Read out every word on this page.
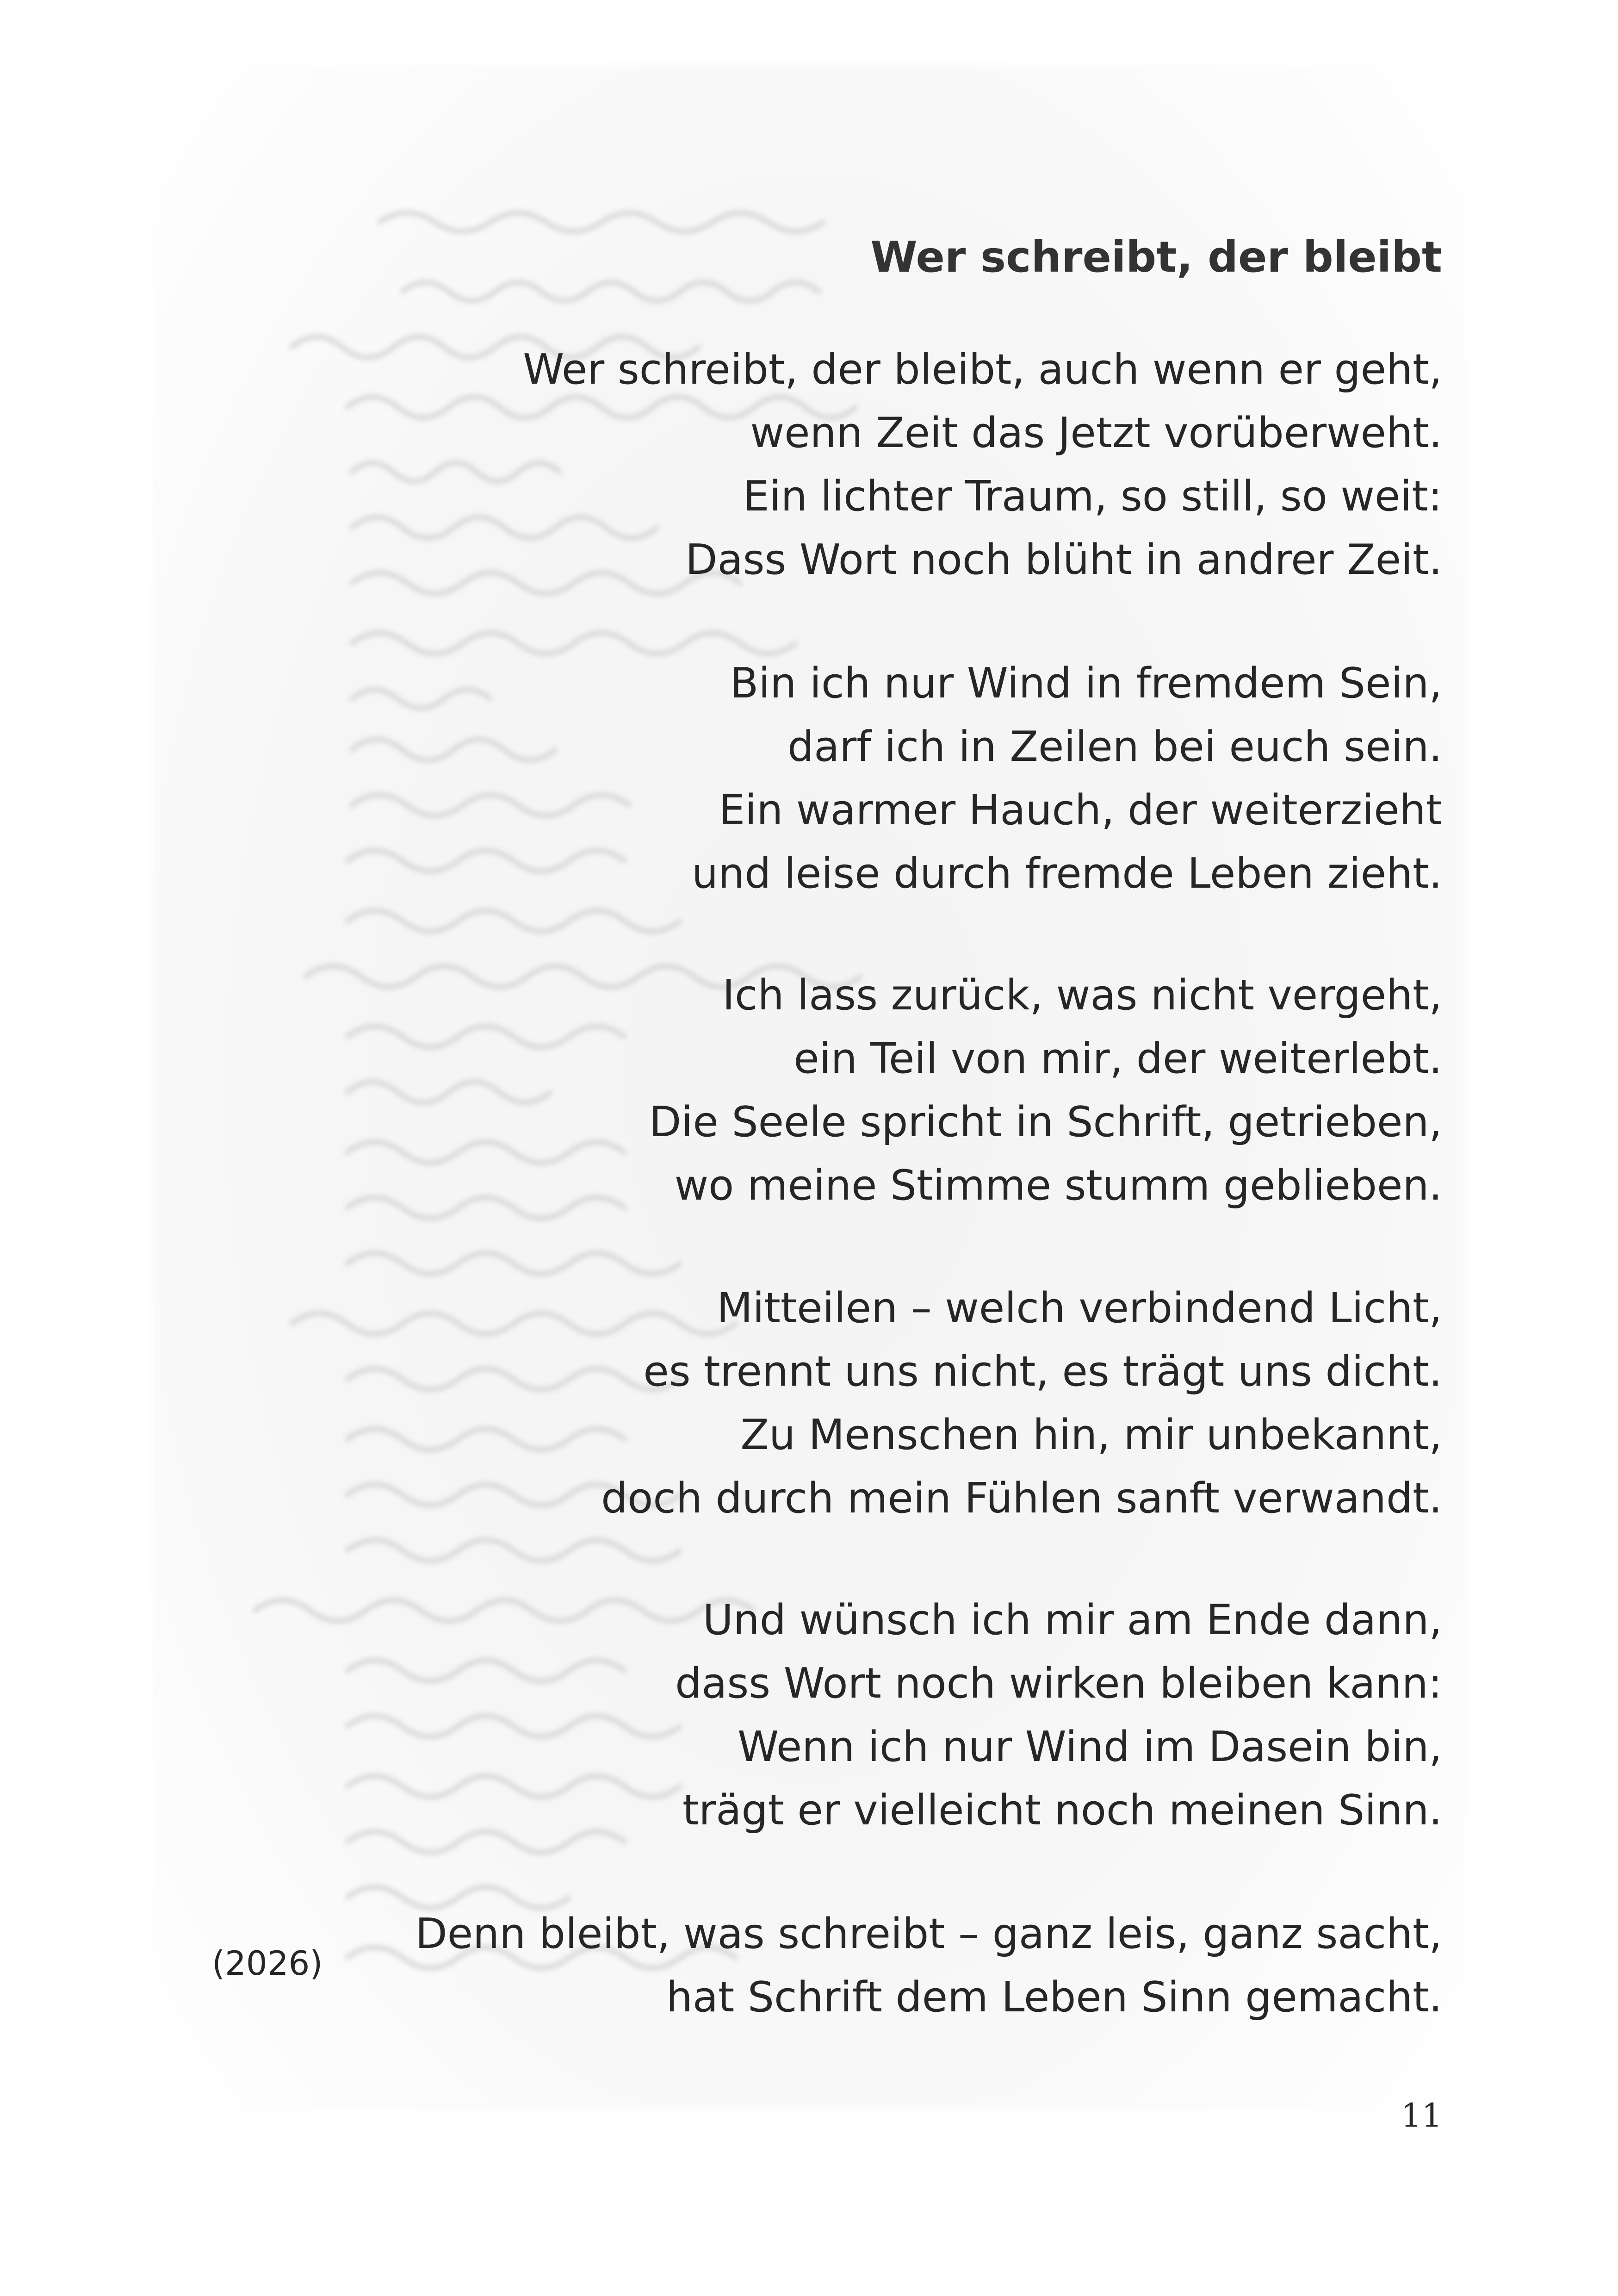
Wer schreibt, der bleibt
Wer schreibt, der bleibt, auch wenn er geht,
wenn Zeit das Jetzt vorüberweht.
Ein lichter Traum, so still, so weit:
Dass Wort noch blüht in andrer Zeit.
Bin ich nur Wind in fremdem Sein,
darf ich in Zeilen bei euch sein.
Ein warmer Hauch, der weiterzieht
und leise durch fremde Leben zieht.
Ich lass zurück, was nicht vergeht,
ein Teil von mir, der weiterlebt.
Die Seele spricht in Schrift, getrieben,
wo meine Stimme stumm geblieben.
Mitteilen – welch verbindend Licht,
es trennt uns nicht, es trägt uns dicht.
Zu Menschen hin, mir unbekannt,
doch durch mein Fühlen sanft verwandt.
Und wünsch ich mir am Ende dann,
dass Wort noch wirken bleiben kann:
Wenn ich nur Wind im Dasein bin,
trägt er vielleicht noch meinen Sinn.
Denn bleibt, was schreibt – ganz leis, ganz sacht,
hat Schrift dem Leben Sinn gemacht.
(2026)
11
